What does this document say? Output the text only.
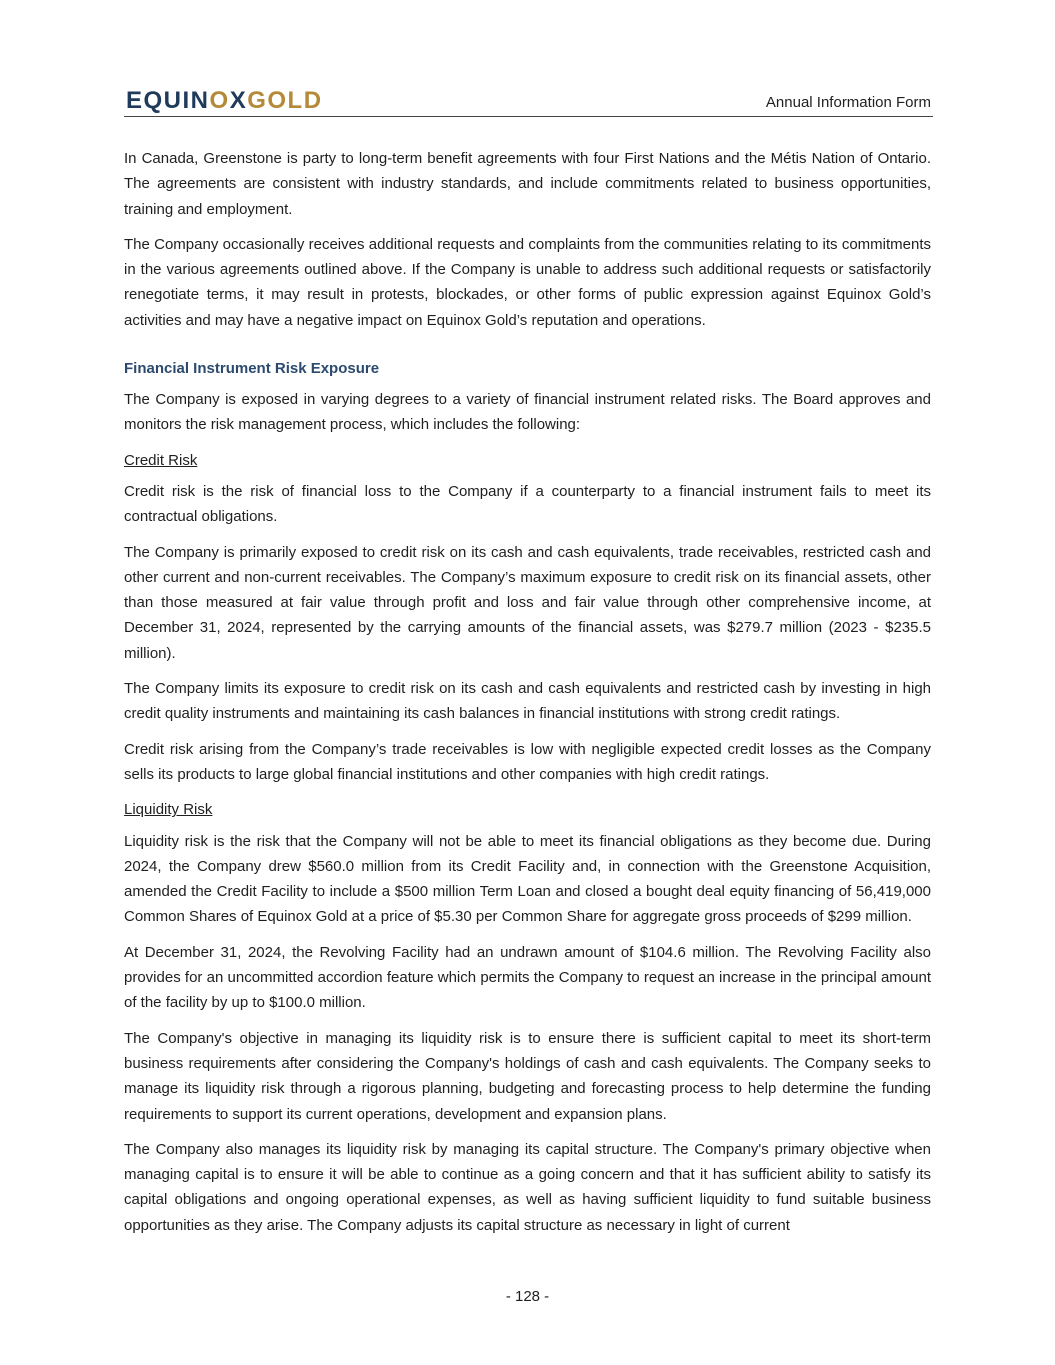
EQUINOXGOLD	Annual Information Form

In Canada, Greenstone is party to long-term benefit agreements with four First Nations and the Métis Nation of Ontario. The agreements are consistent with industry standards, and include commitments related to business opportunities, training and employment.

The Company occasionally receives additional requests and complaints from the communities relating to its commitments in the various agreements outlined above. If the Company is unable to address such additional requests or satisfactorily renegotiate terms, it may result in protests, blockades, or other forms of public expression against Equinox Gold’s activities and may have a negative impact on Equinox Gold’s reputation and operations.

Financial Instrument Risk Exposure

The Company is exposed in varying degrees to a variety of financial instrument related risks. The Board approves and monitors the risk management process, which includes the following:

Credit Risk

Credit risk is the risk of financial loss to the Company if a counterparty to a financial instrument fails to meet its contractual obligations.

The Company is primarily exposed to credit risk on its cash and cash equivalents, trade receivables, restricted cash and other current and non-current receivables. The Company’s maximum exposure to credit risk on its financial assets, other than those measured at fair value through profit and loss and fair value through other comprehensive income, at December 31, 2024, represented by the carrying amounts of the financial assets, was $279.7 million (2023 - $235.5 million).

The Company limits its exposure to credit risk on its cash and cash equivalents and restricted cash by investing in high credit quality instruments and maintaining its cash balances in financial institutions with strong credit ratings.

Credit risk arising from the Company’s trade receivables is low with negligible expected credit losses as the Company sells its products to large global financial institutions and other companies with high credit ratings.

Liquidity Risk

Liquidity risk is the risk that the Company will not be able to meet its financial obligations as they become due. During 2024, the Company drew $560.0 million from its Credit Facility and, in connection with the Greenstone Acquisition, amended the Credit Facility to include a $500 million Term Loan and closed a bought deal equity financing of 56,419,000 Common Shares of Equinox Gold at a price of $5.30 per Common Share for aggregate gross proceeds of $299 million.

At December 31, 2024, the Revolving Facility had an undrawn amount of $104.6 million. The Revolving Facility also provides for an uncommitted accordion feature which permits the Company to request an increase in the principal amount of the facility by up to $100.0 million.

The Company's objective in managing its liquidity risk is to ensure there is sufficient capital to meet its short-term business requirements after considering the Company's holdings of cash and cash equivalents. The Company seeks to manage its liquidity risk through a rigorous planning, budgeting and forecasting process to help determine the funding requirements to support its current operations, development and expansion plans.

The Company also manages its liquidity risk by managing its capital structure. The Company's primary objective when managing capital is to ensure it will be able to continue as a going concern and that it has sufficient ability to satisfy its capital obligations and ongoing operational expenses, as well as having sufficient liquidity to fund suitable business opportunities as they arise. The Company adjusts its capital structure as necessary in light of current

- 128 -
